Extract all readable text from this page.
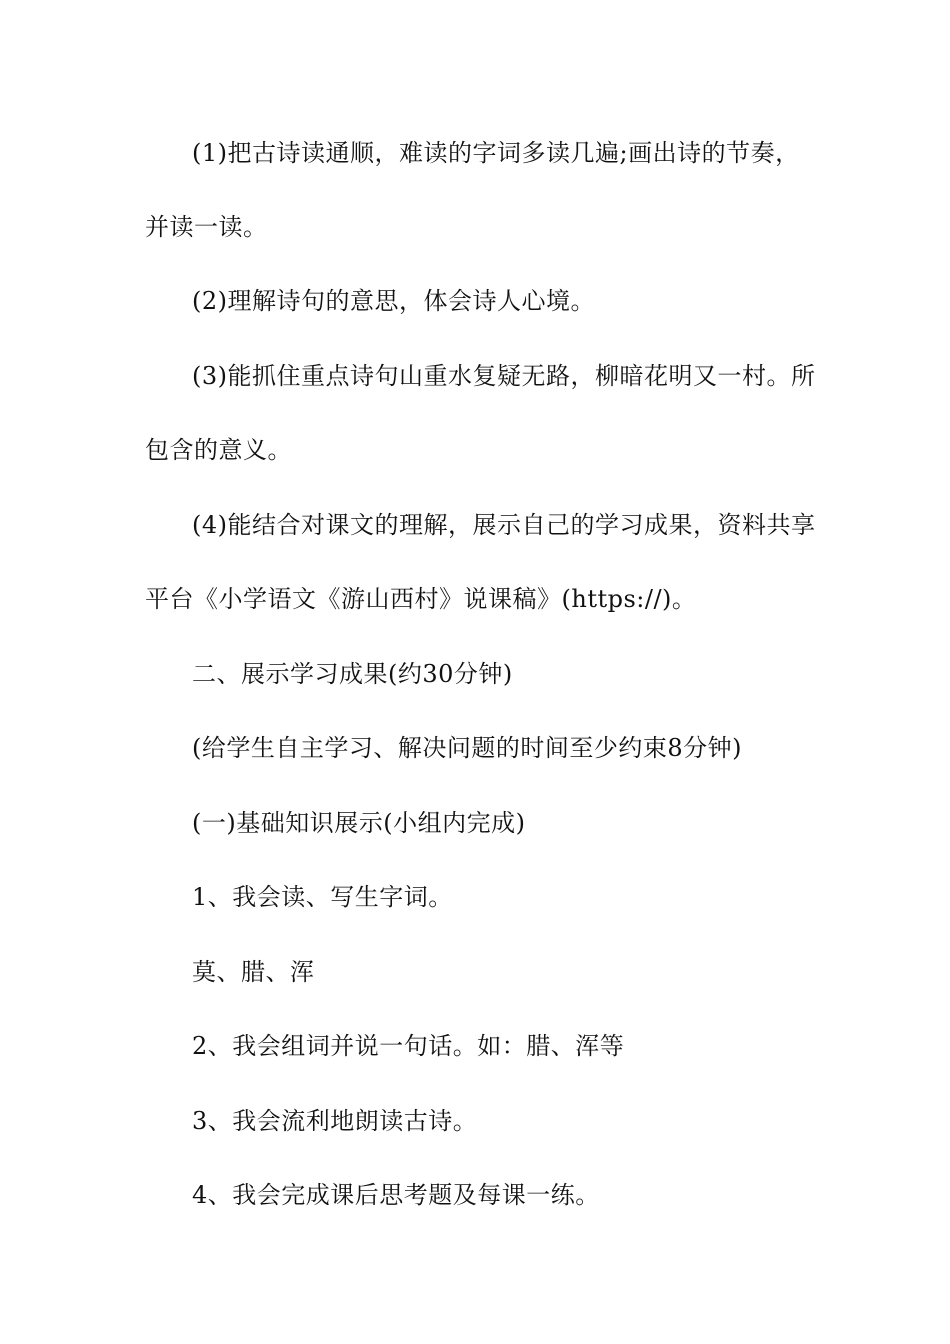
(1)把古诗读通顺，难读的字词多读几遍;画出诗的节奏，
并读一读。
(2)理解诗句的意思，体会诗人心境。
(3)能抓住重点诗句山重水复疑无路，柳暗花明又一村。所
包含的意义。
(4)能结合对课文的理解，展示自己的学习成果，资料共享
平台《小学语文《游山西村》说课稿》(https://)。
二、展示学习成果(约30分钟)
(给学生自主学习、解决问题的时间至少约束8分钟)
(一)基础知识展示(小组内完成)
1、我会读、写生字词。
莫、腊、浑
2、我会组词并说一句话。如：腊、浑等
3、我会流利地朗读古诗。
4、我会完成课后思考题及每课一练。
